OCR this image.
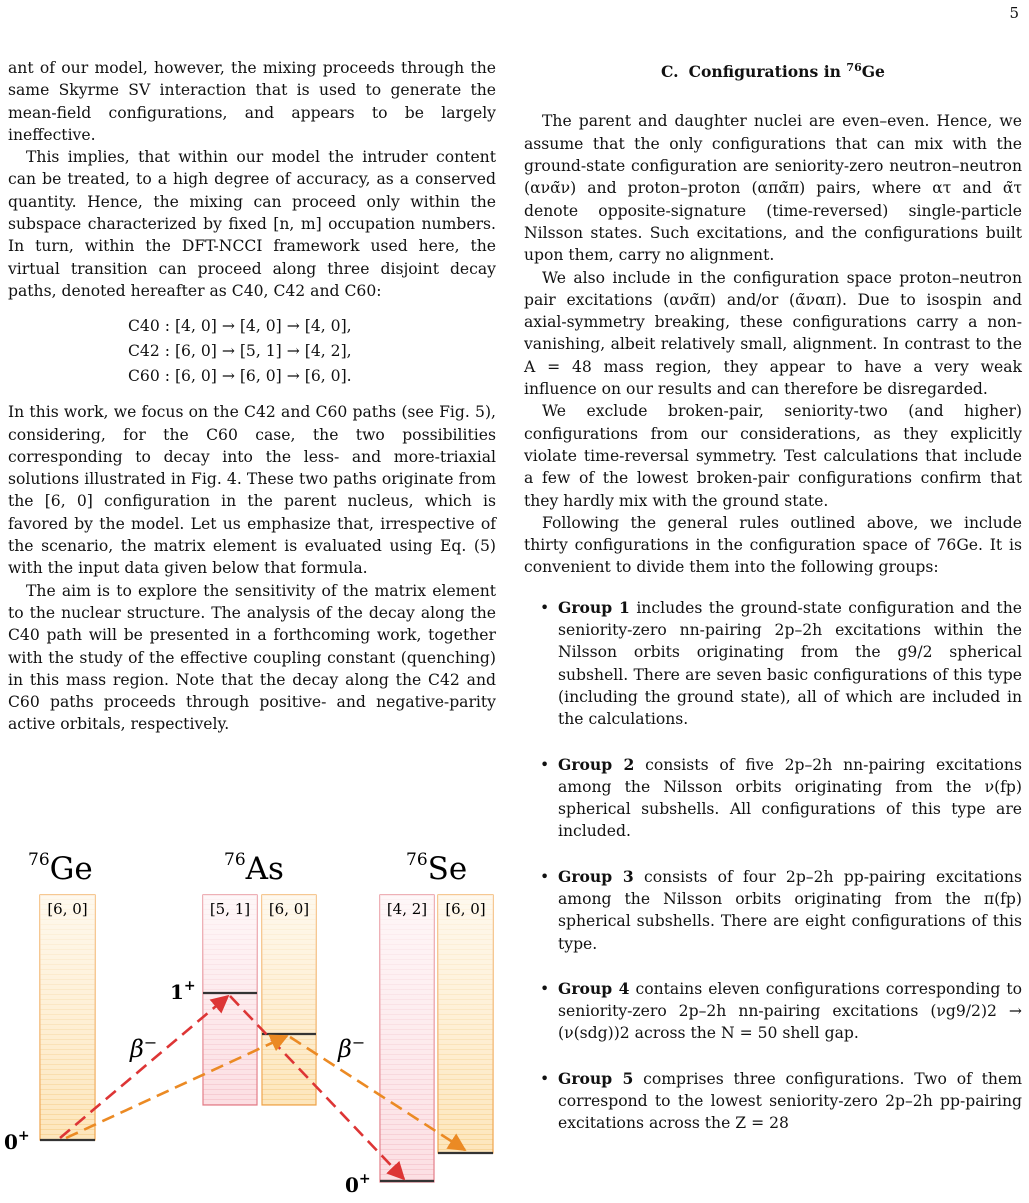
5

ant of our model, however, the mixing proceeds through the same Skyrme SV interaction that is used to generate the mean-field configurations, and appears to be largely ineffective.

This implies, that within our model the intruder content can be treated, to a high degree of accuracy, as a conserved quantity. Hence, the mixing can proceed only within the subspace characterized by fixed [n, m] occupation numbers. In turn, within the DFT-NCCI framework used here, the virtual transition can proceed along three disjoint decay paths, denoted hereafter as C40, C42 and C60:

C40 : [4, 0] → [4, 0] → [4, 0],
C42 : [6, 0] → [5, 1] → [4, 2],
C60 : [6, 0] → [6, 0] → [6, 0].

In this work, we focus on the C42 and C60 paths (see Fig. 5), considering, for the C60 case, the two possibilities corresponding to decay into the less- and more-triaxial solutions illustrated in Fig. 4. These two paths originate from the [6, 0] configuration in the parent nucleus, which is favored by the model. Let us emphasize that, irrespective of the scenario, the matrix element is evaluated using Eq. (5) with the input data given below that formula.

The aim is to explore the sensitivity of the matrix element to the nuclear structure. The analysis of the decay along the C40 path will be presented in a forthcoming work, together with the study of the effective coupling constant (quenching) in this mass region. Note that the decay along the C42 and C60 paths proceeds through positive- and negative-parity active orbitals, respectively.

$^{76}$Ge	$^{76}$As	$^{76}$Se
[6, 0]	[5, 1] [6, 0]	[4, 2] [6, 0]
0+
1+
0+
β−	β−
C. Configurations in $^{76}$Ge

The parent and daughter nuclei are even–even. Hence, we assume that the only configurations that can mix with the ground-state configuration are seniority-zero neutron–neutron (ανα̃ν) and proton–proton (απα̃π) pairs, where ατ and α̃τ denote opposite-signature (time-reversed) single-particle Nilsson states. Such excitations, and the configurations built upon them, carry no alignment.

We also include in the configuration space proton–neutron pair excitations (ανα̃π) and/or (α̃ναπ). Due to isospin and axial-symmetry breaking, these configurations carry a non-vanishing, albeit relatively small, alignment. In contrast to the A = 48 mass region, they appear to have a very weak influence on our results and can therefore be disregarded.

We exclude broken-pair, seniority-two (and higher) configurations from our considerations, as they explicitly violate time-reversal symmetry. Test calculations that include a few of the lowest broken-pair configurations confirm that they hardly mix with the ground state.

Following the general rules outlined above, we include thirty configurations in the configuration space of 76Ge. It is convenient to divide them into the following groups:

• Group 1 includes the ground-state configuration and the seniority-zero nn-pairing 2p–2h excitations within the Nilsson orbits originating from the g9/2 spherical subshell. There are seven basic configurations of this type (including the ground state), all of which are included in the calculations.
• Group 2 consists of five 2p–2h nn-pairing excitations among the Nilsson orbits originating from the ν(fp) spherical subshells. All configurations of this type are included.
• Group 3 consists of four 2p–2h pp-pairing excitations among the Nilsson orbits originating from the π(fp) spherical subshells. There are eight configurations of this type.
• Group 4 contains eleven configurations corresponding to seniority-zero 2p–2h nn-pairing excitations (νg9/2)2 → (ν(sdg))2 across the N = 50 shell gap.
• Group 5 comprises three configurations. Two of them correspond to the lowest seniority-zero 2p–2h pp-pairing excitations across the Z = 28
